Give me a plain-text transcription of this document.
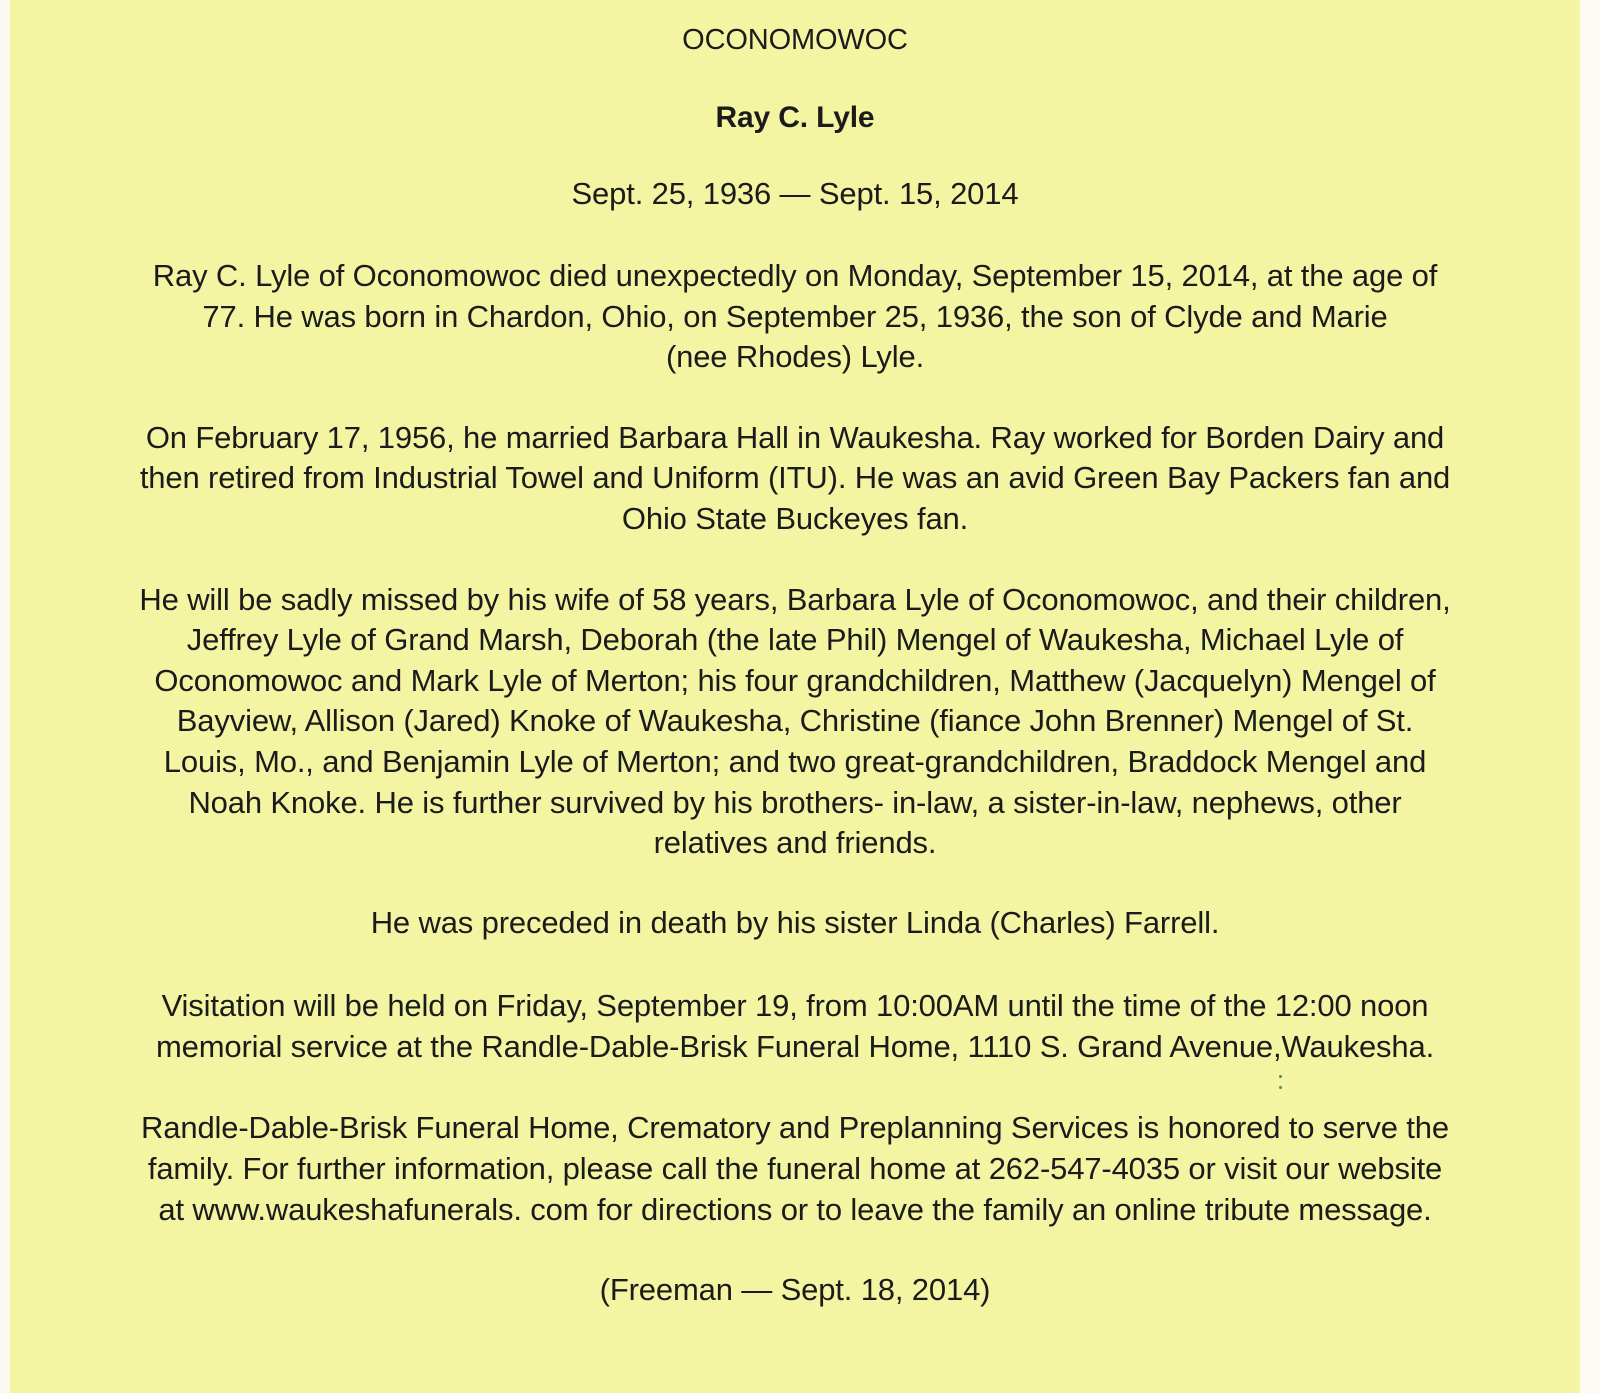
OCONOMOWOC
Ray C. Lyle
Sept. 25, 1936 — Sept. 15, 2014
Ray C. Lyle of Oconomowoc died unexpectedly on Monday, September 15, 2014, at the age of
77. He was born in Chardon, Ohio, on September 25, 1936, the son of Clyde and Marie
(nee Rhodes) Lyle.
On February 17, 1956, he married Barbara Hall in Waukesha. Ray worked for Borden Dairy and
then retired from Industrial Towel and Uniform (ITU). He was an avid Green Bay Packers fan and
Ohio State Buckeyes fan.
He will be sadly missed by his wife of 58 years, Barbara Lyle of Oconomowoc, and their children,
Jeffrey Lyle of Grand Marsh, Deborah (the late Phil) Mengel of Waukesha, Michael Lyle of
Oconomowoc and Mark Lyle of Merton; his four grandchildren, Matthew (Jacquelyn) Mengel of
Bayview, Allison (Jared) Knoke of Waukesha, Christine (fiance John Brenner) Mengel of St.
Louis, Mo., and Benjamin Lyle of Merton; and two great-grandchildren, Braddock Mengel and
Noah Knoke. He is further survived by his brothers- in-law, a sister-in-law, nephews, other
relatives and friends.
He was preceded in death by his sister Linda (Charles) Farrell.
Visitation will be held on Friday, September 19, from 10:00AM until the time of the 12:00 noon
memorial service at the Randle-Dable-Brisk Funeral Home, 1110 S. Grand Avenue,Waukesha.
Randle-Dable-Brisk Funeral Home, Crematory and Preplanning Services is honored to serve the
family. For further information, please call the funeral home at 262-547-4035 or visit our website
at www.waukeshafunerals. com for directions or to leave the family an online tribute message.
(Freeman — Sept. 18, 2014)
